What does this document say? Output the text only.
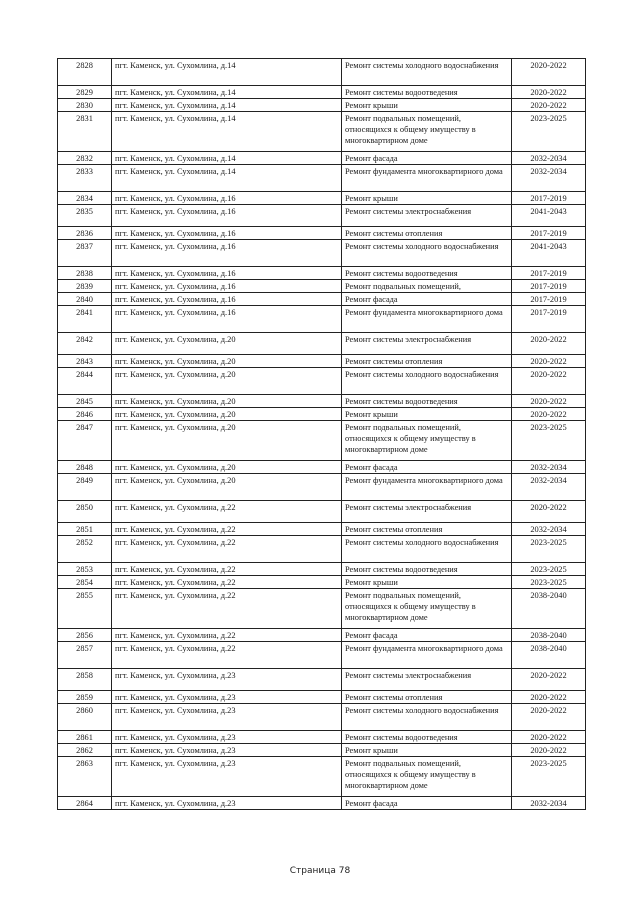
2828	пгт. Каменск, ул. Сухомлина, д.14	Ремонт системы холодного водоснабжения	2020-2022
2829	пгт. Каменск, ул. Сухомлина, д.14	Ремонт системы водоотведения	2020-2022
2830	пгт. Каменск, ул. Сухомлина, д.14	Ремонт крыши	2020-2022
2831	пгт. Каменск, ул. Сухомлина, д.14	Ремонт подвальных помещений, относящихся к общему имуществу в многоквартирном доме	2023-2025
2832	пгт. Каменск, ул. Сухомлина, д.14	Ремонт фасада	2032-2034
2833	пгт. Каменск, ул. Сухомлина, д.14	Ремонт фундамента многоквартирного дома	2032-2034
2834	пгт. Каменск, ул. Сухомлина, д.16	Ремонт крыши	2017-2019
2835	пгт. Каменск, ул. Сухомлина, д.16	Ремонт системы электроснабжения	2041-2043
2836	пгт. Каменск, ул. Сухомлина, д.16	Ремонт системы отопления	2017-2019
2837	пгт. Каменск, ул. Сухомлина, д.16	Ремонт системы холодного водоснабжения	2041-2043
2838	пгт. Каменск, ул. Сухомлина, д.16	Ремонт системы водоотведения	2017-2019
2839	пгт. Каменск, ул. Сухомлина, д.16	Ремонт подвальных помещений,	2017-2019
2840	пгт. Каменск, ул. Сухомлина, д.16	Ремонт фасада	2017-2019
2841	пгт. Каменск, ул. Сухомлина, д.16	Ремонт фундамента многоквартирного дома	2017-2019
2842	пгт. Каменск, ул. Сухомлина, д.20	Ремонт системы электроснабжения	2020-2022
2843	пгт. Каменск, ул. Сухомлина, д.20	Ремонт системы отопления	2020-2022
2844	пгт. Каменск, ул. Сухомлина, д.20	Ремонт системы холодного водоснабжения	2020-2022
2845	пгт. Каменск, ул. Сухомлина, д.20	Ремонт системы водоотведения	2020-2022
2846	пгт. Каменск, ул. Сухомлина, д.20	Ремонт крыши	2020-2022
2847	пгт. Каменск, ул. Сухомлина, д.20	Ремонт подвальных помещений, относящихся к общему имуществу в многоквартирном доме	2023-2025
2848	пгт. Каменск, ул. Сухомлина, д.20	Ремонт фасада	2032-2034
2849	пгт. Каменск, ул. Сухомлина, д.20	Ремонт фундамента многоквартирного дома	2032-2034
2850	пгт. Каменск, ул. Сухомлина, д.22	Ремонт системы электроснабжения	2020-2022
2851	пгт. Каменск, ул. Сухомлина, д.22	Ремонт системы отопления	2032-2034
2852	пгт. Каменск, ул. Сухомлина, д.22	Ремонт системы холодного водоснабжения	2023-2025
2853	пгт. Каменск, ул. Сухомлина, д.22	Ремонт системы водоотведения	2023-2025
2854	пгт. Каменск, ул. Сухомлина, д.22	Ремонт крыши	2023-2025
2855	пгт. Каменск, ул. Сухомлина, д.22	Ремонт подвальных помещений, относящихся к общему имуществу в многоквартирном доме	2038-2040
2856	пгт. Каменск, ул. Сухомлина, д.22	Ремонт фасада	2038-2040
2857	пгт. Каменск, ул. Сухомлина, д.22	Ремонт фундамента многоквартирного дома	2038-2040
2858	пгт. Каменск, ул. Сухомлина, д.23	Ремонт системы электроснабжения	2020-2022
2859	пгт. Каменск, ул. Сухомлина, д.23	Ремонт системы отопления	2020-2022
2860	пгт. Каменск, ул. Сухомлина, д.23	Ремонт системы холодного водоснабжения	2020-2022
2861	пгт. Каменск, ул. Сухомлина, д.23	Ремонт системы водоотведения	2020-2022
2862	пгт. Каменск, ул. Сухомлина, д.23	Ремонт крыши	2020-2022
2863	пгт. Каменск, ул. Сухомлина, д.23	Ремонт подвальных помещений, относящихся к общему имуществу в многоквартирном доме	2023-2025
2864	пгт. Каменск, ул. Сухомлина, д.23	Ремонт фасада	2032-2034
Страница 78
